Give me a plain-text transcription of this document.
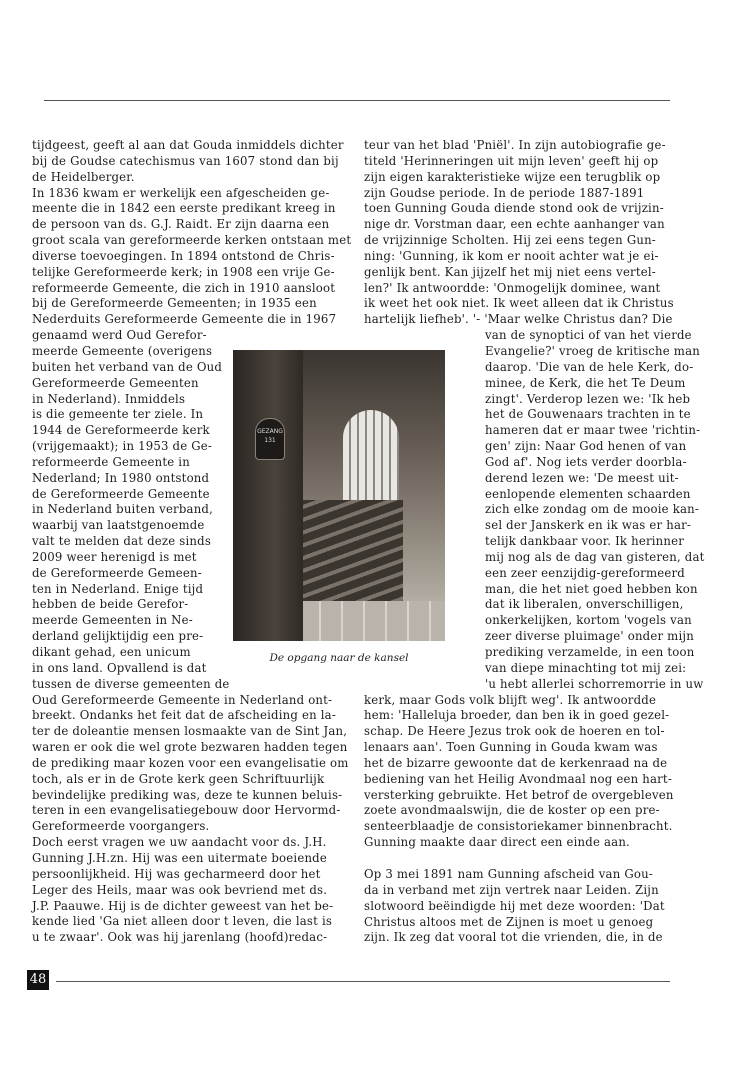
tijdgeest, geeft al aan dat Gouda inmiddels dichter
bij de Goudse catechismus van 1607 stond dan bij
de Heidelberger.
In 1836 kwam er werkelijk een afgescheiden ge-
meente die in 1842 een eerste predikant kreeg in
de persoon van ds. G.J. Raidt. Er zijn daarna een
groot scala van gereformeerde kerken ontstaan met
diverse toevoegingen. In 1894 ontstond de Chris-
telijke Gereformeerde kerk; in 1908 een vrije Ge-
reformeerde Gemeente, die zich in 1910 aansloot
bij de Gereformeerde Gemeenten; in 1935 een
Nederduits Gereformeerde Gemeente die in 1967
genaamd werd Oud Gerefor-
meerde Gemeente (overigens
buiten het verband van de Oud
Gereformeerde Gemeenten
in Nederland). Inmiddels
is die gemeente ter ziele. In
1944 de Gereformeerde kerk
(vrijgemaakt); in 1953 de Ge-
reformeerde Gemeente in
Nederland; In 1980 ontstond
de Gereformeerde Gemeente
in Nederland buiten verband,
waarbij van laatstgenoemde
valt te melden dat deze sinds
2009 weer herenigd is met
de Gereformeerde Gemeen-
ten in Nederland. Enige tijd
hebben de beide Gerefor-
meerde Gemeenten in Ne-
derland gelijktijdig een pre-
dikant gehad, een unicum
in ons land. Opvallend is dat
tussen de diverse gemeenten de
Oud Gereformeerde Gemeente in Nederland ont-
breekt. Ondanks het feit dat de afscheiding en la-
ter de doleantie mensen losmaakte van de Sint Jan,
waren er ook die wel grote bezwaren hadden tegen
de prediking maar kozen voor een evangelisatie om
toch, als er in de Grote kerk geen Schriftuurlijk
bevindelijke prediking was, deze te kunnen beluis-
teren in een evangelisatiegebouw door Hervormd-
Gereformeerde voorgangers.
Doch eerst vragen we uw aandacht voor ds. J.H.
Gunning J.H.zn. Hij was een uitermate boeiende
persoonlijkheid. Hij was gecharmeerd door het
Leger des Heils, maar was ook bevriend met ds.
J.P. Paauwe. Hij is de dichter geweest van het be-
kende lied 'Ga niet alleen door t leven, die last is
u te zwaar'. Ook was hij jarenlang (hoofd)redac-
teur van het blad 'Pniël'. In zijn autobiografie ge-
titeld 'Herinneringen uit mijn leven' geeft hij op
zijn eigen karakteristieke wijze een terugblik op
zijn Goudse periode. In de periode 1887-1891
toen Gunning Gouda diende stond ook de vrijzin-
nige dr. Vorstman daar, een echte aanhanger van
de vrijzinnige Scholten. Hij zei eens tegen Gun-
ning: 'Gunning, ik kom er nooit achter wat je ei-
genlijk bent. Kan jijzelf het mij niet eens vertel-
len?' Ik antwoordde: 'Onmogelijk dominee, want
ik weet het ook niet. Ik weet alleen dat ik Christus
hartelijk liefheb'. '- 'Maar welke Christus dan? Die
van de synoptici of van het vierde
Evangelie?' vroeg de kritische man
daarop. 'Die van de hele Kerk, do-
minee, de Kerk, die het Te Deum
zingt'. Verderop lezen we: 'Ik heb
het de Gouwenaars trachten in te
hameren dat er maar twee 'richtin-
gen' zijn: Naar God henen of van
God af'. Nog iets verder doorbla-
derend lezen we: 'De meest uit-
eenlopende elementen schaarden
zich elke zondag om de mooie kan-
sel der Janskerk en ik was er har-
telijk dankbaar voor. Ik herinner
mij nog als de dag van gisteren, dat
een zeer eenzijdig-gereformeerd
man, die het niet goed hebben kon
dat ik liberalen, onverschilligen,
onkerkelijken, kortom 'vogels van
zeer diverse pluimage' onder mijn
prediking verzamelde, in een toon
van diepe minachting tot mij zei:
'u hebt allerlei schorremorrie in uw
kerk, maar Gods volk blijft weg'. Ik antwoordde
hem: 'Halleluja broeder, dan ben ik in goed gezel-
schap. De Heere Jezus trok ook de hoeren en tol-
lenaars aan'. Toen Gunning in Gouda kwam was
het de bizarre gewoonte dat de kerkenraad na de
bediening van het Heilig Avondmaal nog een hart-
versterking gebruikte. Het betrof de overgebleven
zoete avondmaalswijn, die de koster op een pre-
senteerblaadje de consistoriekamer binnenbracht.
Gunning maakte daar direct een einde aan.
Op 3 mei 1891 nam Gunning afscheid van Gou-
da in verband met zijn vertrek naar Leiden. Zijn
slotwoord beëindigde hij met deze woorden: 'Dat
Christus altoos met de Zijnen is moet u genoeg
zijn. Ik zeg dat vooral tot die vrienden, die, in de
GEZANG 131
De opgang naar de kansel
48
